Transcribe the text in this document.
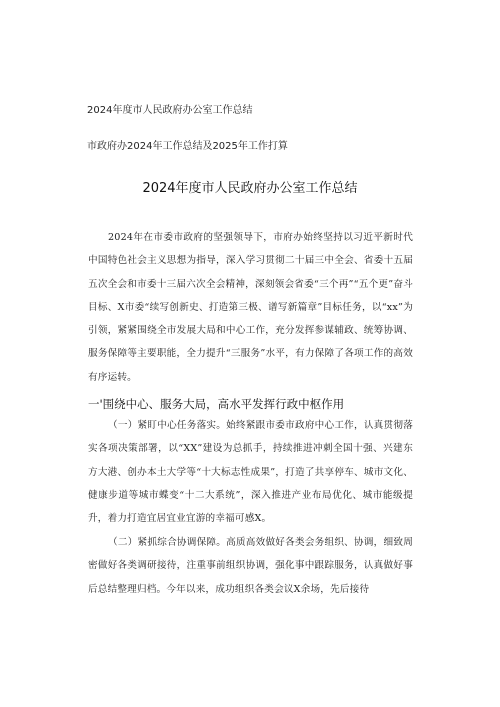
2024年度市人民政府办公室工作总结
市政府办2024年工作总结及2025年工作打算
2024年度市人民政府办公室工作总结
2024年在市委市政府的坚强领导下，市府办始终坚持以习近平新时代中国特色社会主义思想为指导，深入学习贯彻二十届三中全会、省委十五届五次全会和市委十三届六次全会精神，深刻领会省委“三个再”“五个更”奋斗目标、X市委“续写创新史、打造第三极、谱写新篇章”目标任务，以“xx”为引领，紧紧围绕全市发展大局和中心工作，充分发挥参谋辅政、统筹协调、服务保障等主要职能，全力提升“三服务”水平，有力保障了各项工作的高效有序运转。
一'围绕中心、服务大局，高水平发挥行政中枢作用
（一）紧盯中心任务落实。始终紧跟市委市政府中心工作，认真贯彻落实各项决策部署，以“XX”建设为总抓手，持续推进冲刺全国十强、兴建东方大港、创办本土大学等“十大标志性成果”，打造了共享停车、城市文化、健康步道等城市蝶变“十二大系统”，深入推进产业布局优化、城市能级提升，着力打造宜居宜业宜游的幸福可感X。
（二）紧抓综合协调保障。高质高效做好各类会务组织、协调，细致周密做好各类调研接待，注重事前组织协调，强化事中跟踪服务，认真做好事后总结整理归档。今年以来，成功组织各类会议X余场，先后接待
